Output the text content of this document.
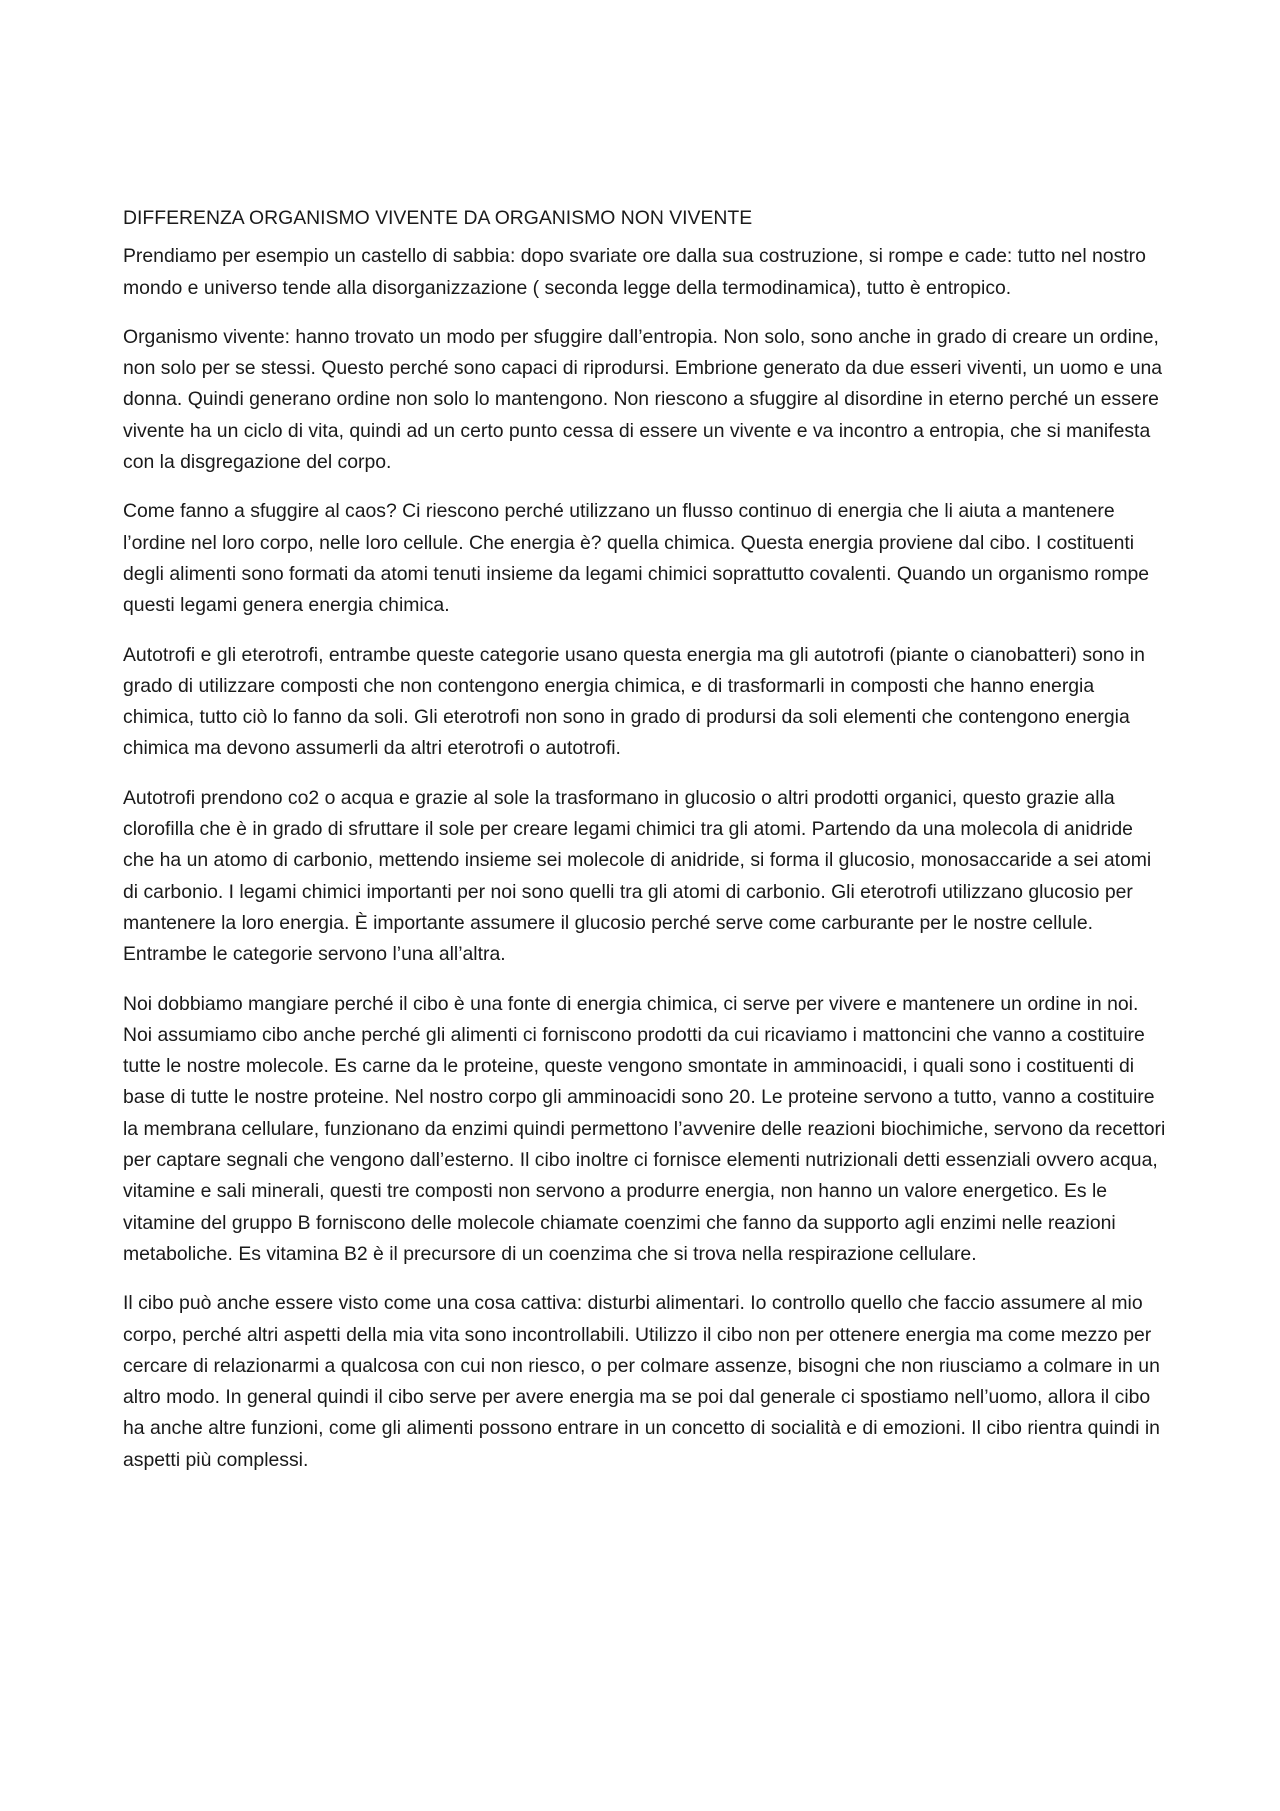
DIFFERENZA ORGANISMO VIVENTE DA ORGANISMO NON VIVENTE

Prendiamo per esempio un castello di sabbia: dopo svariate ore dalla sua costruzione, si rompe e cade: tutto nel nostro mondo e universo tende alla disorganizzazione ( seconda legge della termodinamica), tutto è entropico.

Organismo vivente: hanno trovato un modo per sfuggire dall’entropia. Non solo, sono anche in grado di creare un ordine, non solo per se stessi. Questo perché sono capaci di riprodursi. Embrione generato da due esseri viventi, un uomo e una donna. Quindi generano ordine non solo lo mantengono. Non riescono a sfuggire al disordine in eterno perché un essere vivente ha un ciclo di vita, quindi ad un certo punto cessa di essere un vivente e va incontro a entropia, che si manifesta con la disgregazione del corpo.

Come fanno a sfuggire al caos? Ci riescono perché utilizzano un flusso continuo di energia che li aiuta a mantenere l’ordine nel loro corpo, nelle loro cellule. Che energia è? quella chimica. Questa energia proviene dal cibo. I costituenti degli alimenti sono formati da atomi tenuti insieme da legami chimici soprattutto covalenti. Quando un organismo rompe questi legami genera energia chimica.

Autotrofi e gli eterotrofi, entrambe queste categorie usano questa energia ma gli autotrofi (piante o cianobatteri) sono in grado di utilizzare composti che non contengono energia chimica, e di trasformarli in composti che hanno energia chimica, tutto ciò lo fanno da soli. Gli eterotrofi non sono in grado di prodursi da soli elementi che contengono energia chimica ma devono assumerli da altri eterotrofi o autotrofi.

Autotrofi prendono co2 o acqua e grazie al sole la trasformano in glucosio o altri prodotti organici, questo grazie alla clorofilla che è in grado di sfruttare il sole per creare legami chimici tra gli atomi. Partendo da una molecola di anidride che ha un atomo di carbonio, mettendo insieme sei molecole di anidride, si forma il glucosio, monosaccaride a sei atomi di carbonio. I legami chimici importanti per noi sono quelli tra gli atomi di carbonio. Gli eterotrofi utilizzano glucosio per mantenere la loro energia. È importante assumere il glucosio perché serve come carburante per le nostre cellule. Entrambe le categorie servono l’una all’altra.

Noi dobbiamo mangiare perché il cibo è una fonte di energia chimica, ci serve per vivere e mantenere un ordine in noi. Noi assumiamo cibo anche perché gli alimenti ci forniscono prodotti da cui ricaviamo i mattoncini che vanno a costituire tutte le nostre molecole. Es carne da le proteine, queste vengono smontate in amminoacidi, i quali sono i costituenti di base di tutte le nostre proteine. Nel nostro corpo gli amminoacidi sono 20. Le proteine servono a tutto, vanno a costituire la membrana cellulare, funzionano da enzimi quindi permettono l’avvenire delle reazioni biochimiche, servono da recettori per captare segnali che vengono dall’esterno. Il cibo inoltre ci fornisce elementi nutrizionali detti essenziali ovvero acqua, vitamine e sali minerali, questi tre composti non servono a produrre energia, non hanno un valore energetico. Es le vitamine del gruppo B forniscono delle molecole chiamate coenzimi che fanno da supporto agli enzimi nelle reazioni metaboliche. Es vitamina B2 è il precursore di un coenzima che si trova nella respirazione cellulare.

Il cibo può anche essere visto come una cosa cattiva: disturbi alimentari. Io controllo quello che faccio assumere al mio corpo, perché altri aspetti della mia vita sono incontrollabili. Utilizzo il cibo non per ottenere energia ma come mezzo per cercare di relazionarmi a qualcosa con cui non riesco, o per colmare assenze, bisogni che non riusciamo a colmare in un altro modo. In general quindi il cibo serve per avere energia ma se poi dal generale ci spostiamo nell’uomo, allora il cibo ha anche altre funzioni, come gli alimenti possono entrare in un concetto di socialità e di emozioni. Il cibo rientra quindi in aspetti più complessi.
